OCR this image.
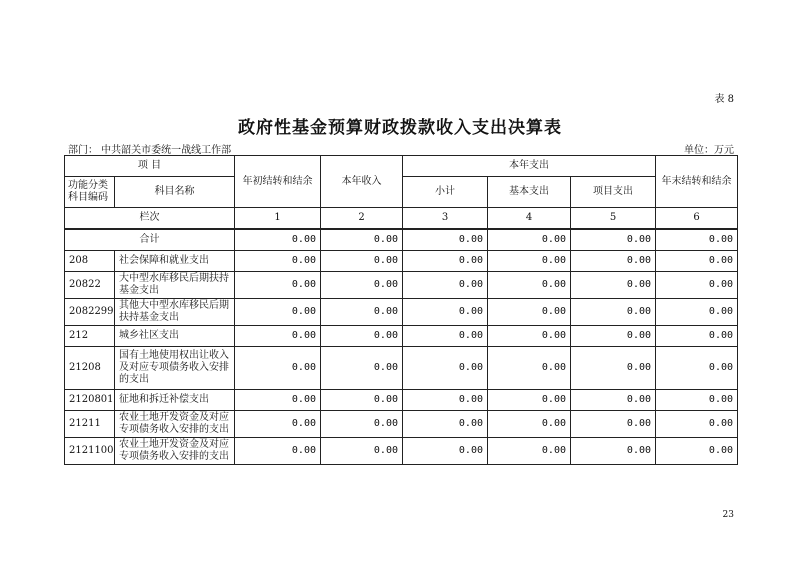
表 8
政府性基金预算财政拨款收入支出决算表
部门： 中共韶关市委统一战线工作部	单位：万元
项 目		年初结转和结余	本年收入	本年支出			年末结转和结余
功能分类
科目编码	科目名称			小计	基本支出	项目支出	
栏次		1	2	3	4	5	6
合计		0.00	0.00	0.00	0.00	0.00	0.00
208	社会保障和就业支出	0.00	0.00	0.00	0.00	0.00	0.00
20822	大中型水库移民后期扶持基金支出	0.00	0.00	0.00	0.00	0.00	0.00
2082299	其他大中型水库移民后期扶持基金支出	0.00	0.00	0.00	0.00	0.00	0.00
212	城乡社区支出	0.00	0.00	0.00	0.00	0.00	0.00
21208	国有土地使用权出让收入及对应专项债务收入安排的支出	0.00	0.00	0.00	0.00	0.00	0.00
2120801	征地和拆迁补偿支出	0.00	0.00	0.00	0.00	0.00	0.00
21211	农业土地开发资金及对应专项债务收入安排的支出	0.00	0.00	0.00	0.00	0.00	0.00
2121100	农业土地开发资金及对应专项债务收入安排的支出	0.00	0.00	0.00	0.00	0.00	0.00
23
